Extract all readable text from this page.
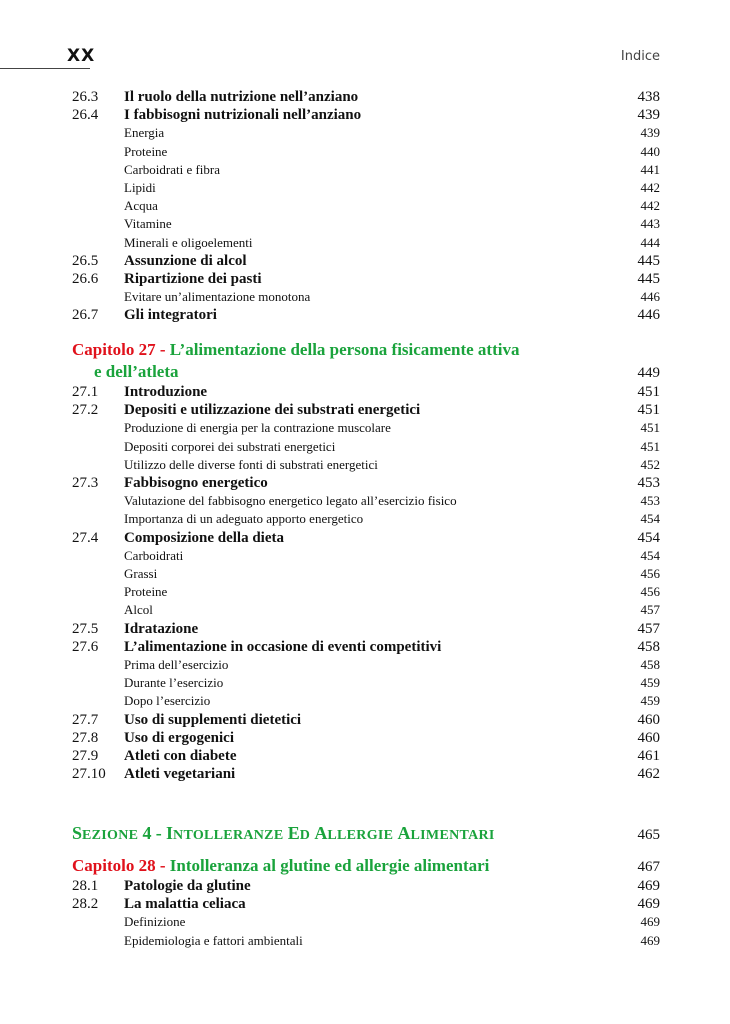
XX	Indice
26.3	Il ruolo della nutrizione nell’anziano	438
26.4	I fabbisogni nutrizionali nell’anziano	439
Energia	439
Proteine	440
Carboidrati e fibra	441
Lipidi	442
Acqua	442
Vitamine	443
Minerali e oligoelementi	444
26.5	Assunzione di alcol	445
26.6	Ripartizione dei pasti	445
Evitare un’alimentazione monotona	446
26.7	Gli integratori	446
Capitolo 27 - L’alimentazione della persona fisicamente attiva
e dell’atleta	449
27.1	Introduzione	451
27.2	Depositi e utilizzazione dei substrati energetici	451
Produzione di energia per la contrazione muscolare	451
Depositi corporei dei substrati energetici	451
Utilizzo delle diverse fonti di substrati energetici	452
27.3	Fabbisogno energetico	453
Valutazione del fabbisogno energetico legato all’esercizio fisico	453
Importanza di un adeguato apporto energetico	454
27.4	Composizione della dieta	454
Carboidrati	454
Grassi	456
Proteine	456
Alcol	457
27.5	Idratazione	457
27.6	L’alimentazione in occasione di eventi competitivi	458
Prima dell’esercizio	458
Durante l’esercizio	459
Dopo l’esercizio	459
27.7	Uso di supplementi dietetici	460
27.8	Uso di ergogenici	460
27.9	Atleti con diabete	461
27.10	Atleti vegetariani	462
SEZIONE 4 - INTOLLERANZE ED ALLERGIE ALIMENTARI	465
Capitolo 28 - Intolleranza al glutine ed allergie alimentari	467
28.1	Patologie da glutine	469
28.2	La malattia celiaca	469
Definizione	469
Epidemiologia e fattori ambientali	469
